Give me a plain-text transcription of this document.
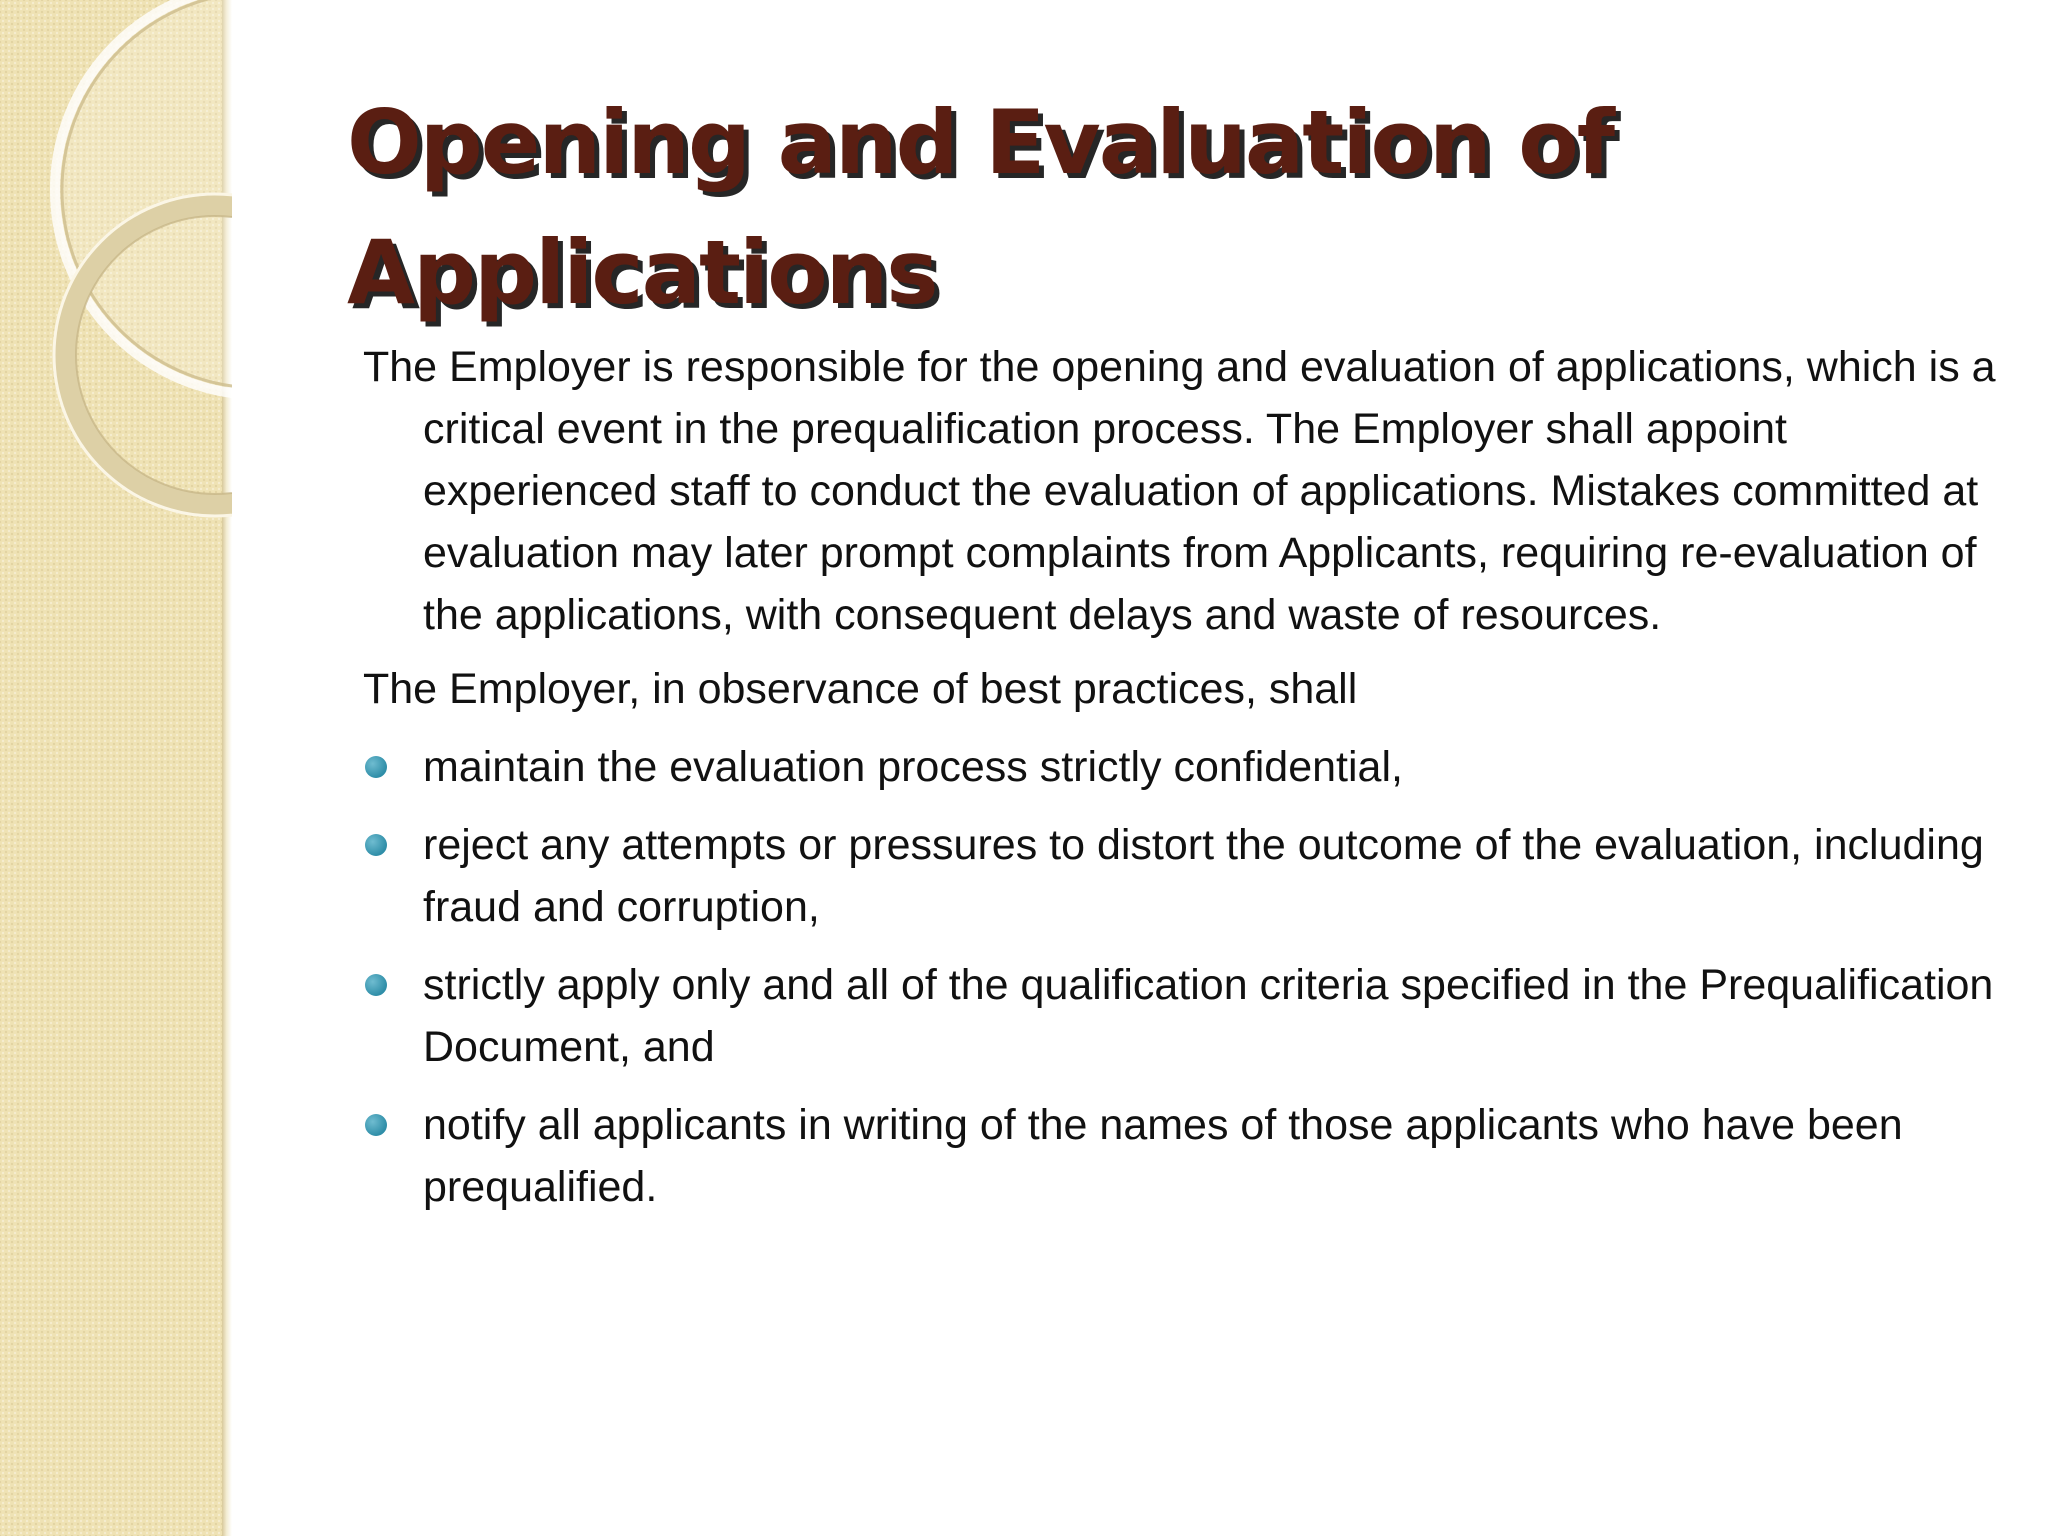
Opening and Evaluation of Applications

The Employer is responsible for the opening and evaluation of applications, which is a critical event in the prequalification process. The Employer shall appoint experienced staff to conduct the evaluation of applications. Mistakes committed at evaluation may later prompt complaints from Applicants, requiring re-evaluation of the applications, with consequent delays and waste of resources.

The Employer, in observance of best practices, shall

maintain the evaluation process strictly confidential,
reject any attempts or pressures to distort the outcome of the evaluation, including fraud and corruption,
strictly apply only and all of the qualification criteria specified in the Prequalification Document, and
notify all applicants in writing of the names of those applicants who have been prequalified.
